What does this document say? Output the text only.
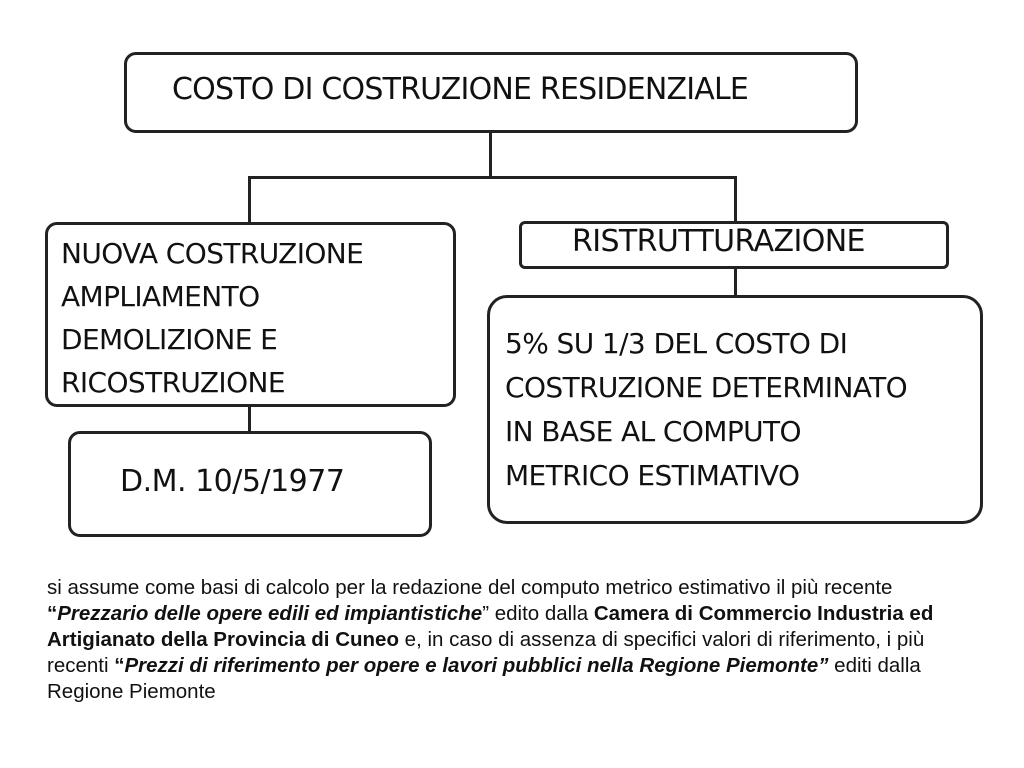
COSTO DI COSTRUZIONE RESIDENZIALE
NUOVA COSTRUZIONE
AMPLIAMENTO
DEMOLIZIONE E
RICOSTRUZIONE
D.M. 10/5/1977
RISTRUTTURAZIONE
5% SU 1/3 DEL COSTO DI
COSTRUZIONE DETERMINATO
IN BASE AL COMPUTO
METRICO ESTIMATIVO
si assume come basi di calcolo per la redazione del computo metrico estimativo il più recente “Prezzario delle opere edili ed impiantistiche” edito dalla Camera di Commercio Industria ed Artigianato della Provincia di Cuneo e, in caso di assenza di specifici valori di riferimento, i più recenti “Prezzi di riferimento per opere e lavori pubblici nella Regione Piemonte” editi dalla Regione Piemonte
